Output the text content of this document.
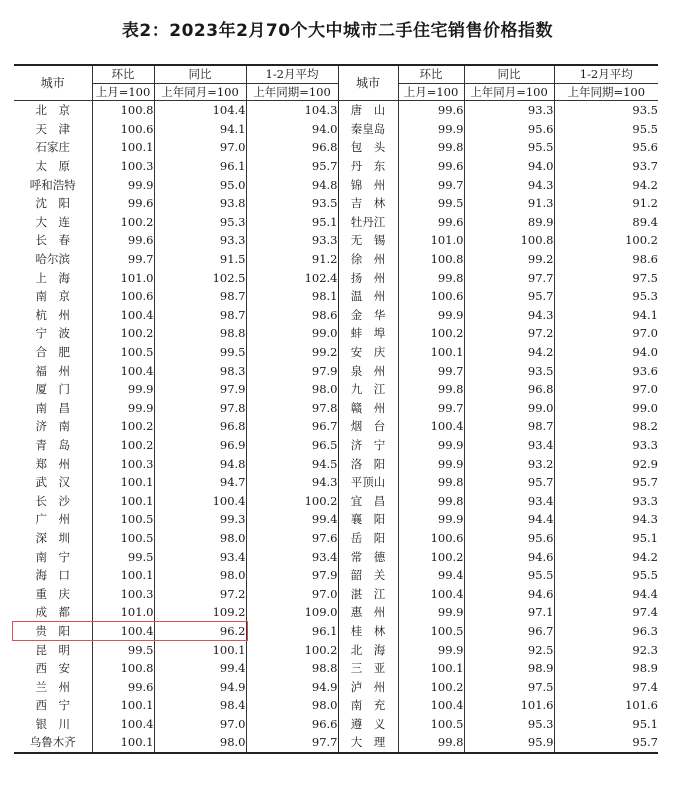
表2：2023年2月70个大中城市二手住宅销售价格指数
城市	环比	同比	1-2月平均	城市	环比	同比	1-2月平均
	上月=100	上年同月=100	上年同期=100		上月=100	上年同月=100	上年同期=100
北　京	100.8	104.4	104.3	唐　山	99.6	93.3	93.5
天　津	100.6	94.1	94.0	秦皇岛	99.9	95.6	95.5
石家庄	100.1	97.0	96.8	包　头	99.8	95.5	95.6
太　原	100.3	96.1	95.7	丹　东	99.6	94.0	93.7
呼和浩特	99.9	95.0	94.8	锦　州	99.7	94.3	94.2
沈　阳	99.6	93.8	93.5	吉　林	99.5	91.3	91.2
大　连	100.2	95.3	95.1	牡丹江	99.6	89.9	89.4
长　春	99.6	93.3	93.3	无　锡	101.0	100.8	100.2
哈尔滨	99.7	91.5	91.2	徐　州	100.8	99.2	98.6
上　海	101.0	102.5	102.4	扬　州	99.8	97.7	97.5
南　京	100.6	98.7	98.1	温　州	100.6	95.7	95.3
杭　州	100.4	98.7	98.6	金　华	99.9	94.3	94.1
宁　波	100.2	98.8	99.0	蚌　埠	100.2	97.2	97.0
合　肥	100.5	99.5	99.2	安　庆	100.1	94.2	94.0
福　州	100.4	98.3	97.9	泉　州	99.7	93.5	93.6
厦　门	99.9	97.9	98.0	九　江	99.8	96.8	97.0
南　昌	99.9	97.8	97.8	赣　州	99.7	99.0	99.0
济　南	100.2	96.8	96.7	烟　台	100.4	98.7	98.2
青　岛	100.2	96.9	96.5	济　宁	99.9	93.4	93.3
郑　州	100.3	94.8	94.5	洛　阳	99.9	93.2	92.9
武　汉	100.1	94.7	94.3	平顶山	99.8	95.7	95.7
长　沙	100.1	100.4	100.2	宜　昌	99.8	93.4	93.3
广　州	100.5	99.3	99.4	襄　阳	99.9	94.4	94.3
深　圳	100.5	98.0	97.6	岳　阳	100.6	95.6	95.1
南　宁	99.5	93.4	93.4	常　德	100.2	94.6	94.2
海　口	100.1	98.0	97.9	韶　关	99.4	95.5	95.5
重　庆	100.3	97.2	97.0	湛　江	100.4	94.6	94.4
成　都	101.0	109.2	109.0	惠　州	99.9	97.1	97.4
贵　阳	100.4	96.2	96.1	桂　林	100.5	96.7	96.3
昆　明	99.5	100.1	100.2	北　海	99.9	92.5	92.3
西　安	100.8	99.4	98.8	三　亚	100.1	98.9	98.9
兰　州	99.6	94.9	94.9	泸　州	100.2	97.5	97.4
西　宁	100.1	98.4	98.0	南　充	100.4	101.6	101.6
银　川	100.4	97.0	96.6	遵　义	100.5	95.3	95.1
乌鲁木齐	100.1	98.0	97.7	大　理	99.8	95.9	95.7
